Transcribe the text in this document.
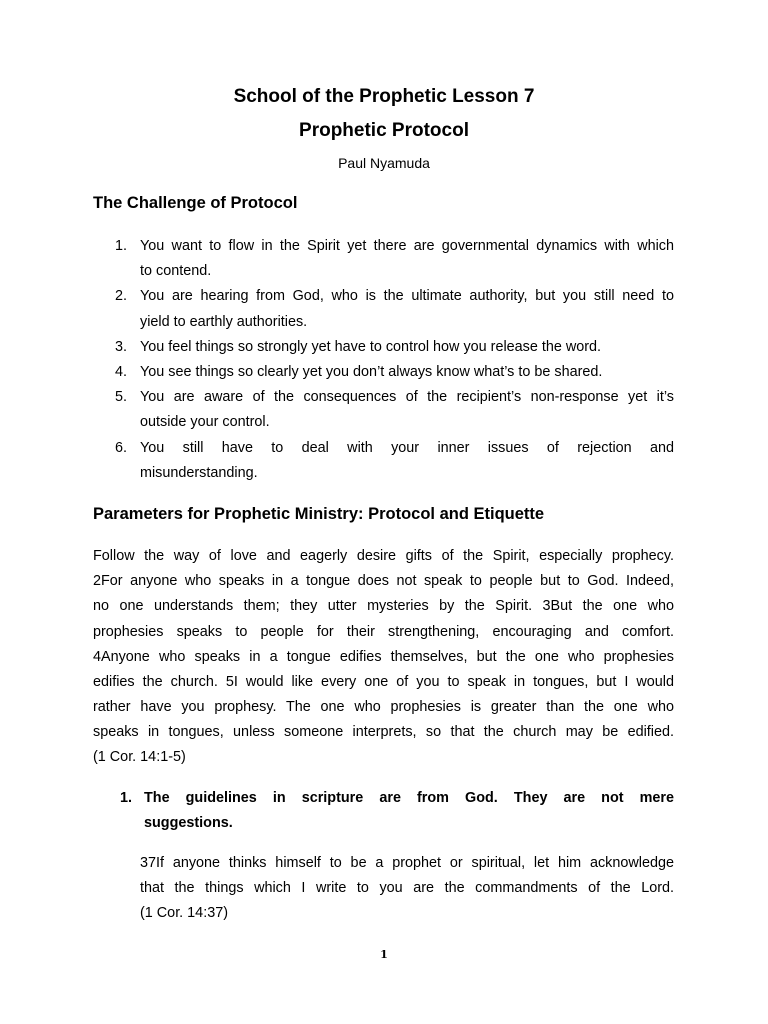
School of the Prophetic Lesson 7
Prophetic Protocol

Paul Nyamuda

The Challenge of Protocol
1. You want to flow in the Spirit yet there are governmental dynamics with which
to contend.
2. You are hearing from God, who is the ultimate authority, but you still need to
yield to earthly authorities.
3. You feel things so strongly yet have to control how you release the word.
4. You see things so clearly yet you don’t always know what’s to be shared.
5. You are aware of the consequences of the recipient’s non-response yet it’s
outside your control.
6. You still have to deal with your inner issues of rejection and
misunderstanding.
Parameters for Prophetic Ministry: Protocol and Etiquette

Follow the way of love and eagerly desire gifts of the Spirit, especially prophecy.
2For anyone who speaks in a tongue does not speak to people but to God. Indeed,
no one understands them; they utter mysteries by the Spirit. 3But the one who
prophesies speaks to people for their strengthening, encouraging and comfort.
4Anyone who speaks in a tongue edifies themselves, but the one who prophesies
edifies the church. 5I would like every one of you to speak in tongues, but I would
rather have you prophesy. The one who prophesies is greater than the one who
speaks in tongues, unless someone interprets, so that the church may be edified.

(1 Cor. 14:1-5)

1. The guidelines in scripture are from God. They are not mere
suggestions.

37If anyone thinks himself to be a prophet or spiritual, let him acknowledge
that the things which I write to you are the commandments of the Lord.
(1 Cor. 14:37)

1
